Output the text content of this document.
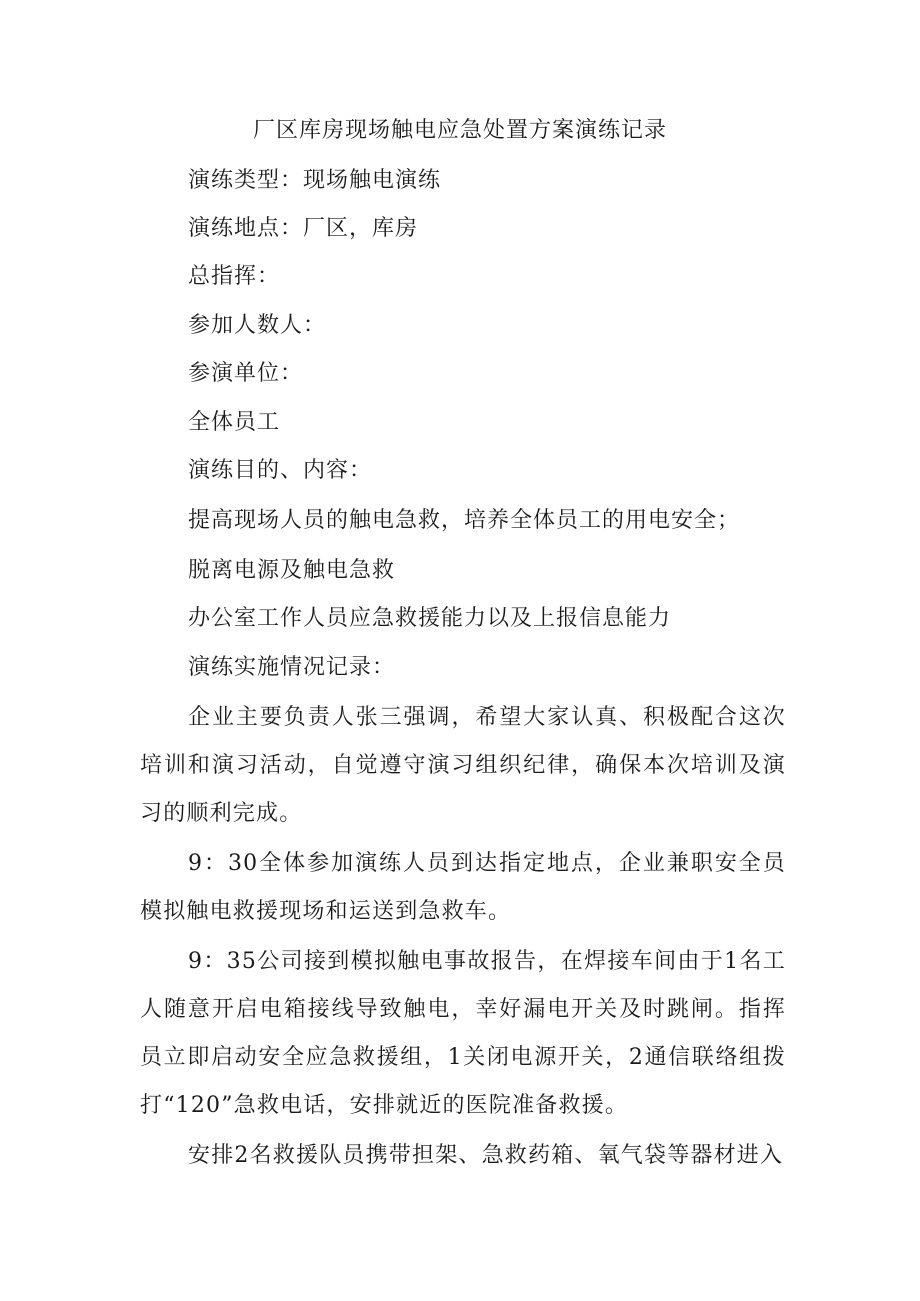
厂区库房现场触电应急处置方案演练记录

演练类型：现场触电演练

演练地点：厂区，库房

总指挥：

参加人数人：

参演单位：

全体员工

演练目的、内容：

提高现场人员的触电急救，培养全体员工的用电安全；

脱离电源及触电急救

办公室工作人员应急救援能力以及上报信息能力

演练实施情况记录：

企业主要负责人张三强调，希望大家认真、积极配合这次培训和演习活动，自觉遵守演习组织纪律，确保本次培训及演习的顺利完成。

9：30全体参加演练人员到达指定地点，企业兼职安全员模拟触电救援现场和运送到急救车。

9：35公司接到模拟触电事故报告，在焊接车间由于1名工人随意开启电箱接线导致触电，幸好漏电开关及时跳闸。指挥员立即启动安全应急救援组，1关闭电源开关，2通信联络组拨打“120”急救电话，安排就近的医院准备救援。

安排2名救援队员携带担架、急救药箱、氧气袋等器材进入
